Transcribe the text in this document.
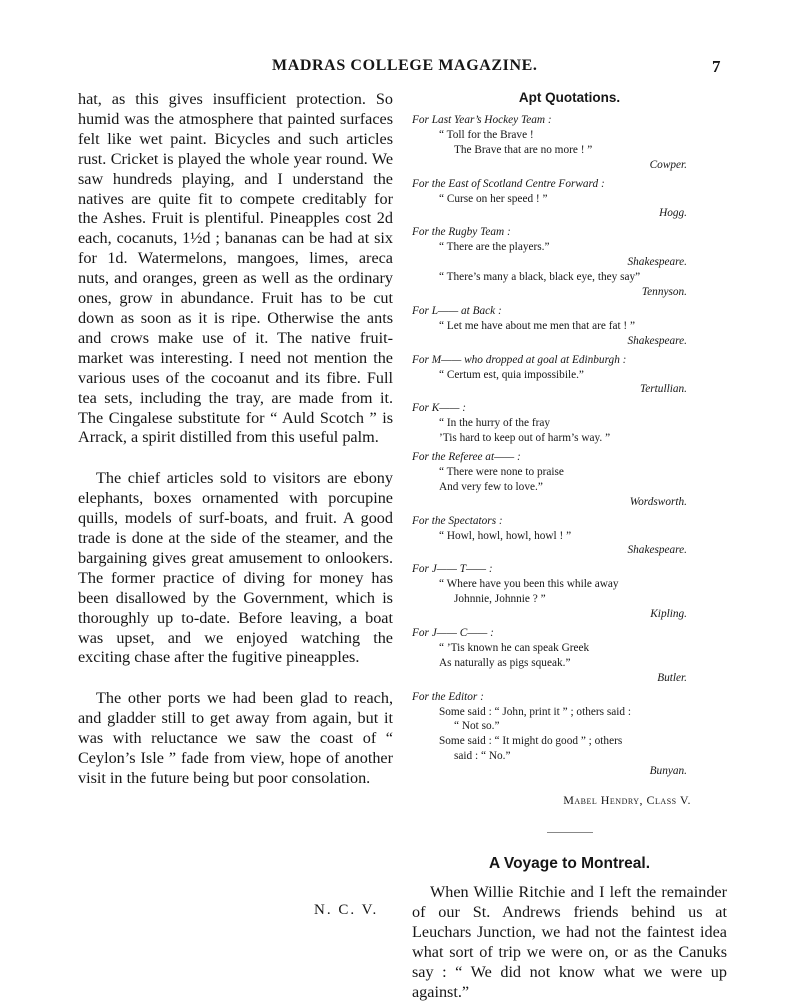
MADRAS COLLEGE MAGAZINE.	7

hat, as this gives insufficient protection. So humid was the atmosphere that painted surfaces felt like wet paint. Bicycles and such articles rust. Cricket is played the whole year round. We saw hundreds playing, and I understand the natives are quite fit to compete creditably for the Ashes. Fruit is plentiful. Pineapples cost 2d each, cocanuts, 1½d ; bananas can be had at six for 1d. Watermelons, mangoes, limes, areca nuts, and oranges, green as well as the ordinary ones, grow in abundance. Fruit has to be cut down as soon as it is ripe. Otherwise the ants and crows make use of it. The native fruit-market was interesting. I need not mention the various uses of the cocoanut and its fibre. Full tea sets, including the tray, are made from it. The Cingalese substitute for “ Auld Scotch ” is Arrack, a spirit distilled from this useful palm.

The chief articles sold to visitors are ebony elephants, boxes ornamented with porcupine quills, models of surf-boats, and fruit. A good trade is done at the side of the steamer, and the bargaining gives great amusement to onlookers. The former practice of diving for money has been disallowed by the Government, which is thoroughly up to-date. Before leaving, a boat was upset, and we enjoyed watching the exciting chase after the fugitive pineapples.

The other ports we had been glad to reach, and gladder still to get away from again, but it was with reluctance we saw the coast of “ Ceylon’s Isle ” fade from view, hope of another visit in the future being but poor consolation.

N. C. V.

Apt Quotations.

For Last Year’s Hockey Team :

“ Toll for the Brave !

The Brave that are no more ! ”

Cowper.

For the East of Scotland Centre Forward :

“ Curse on her speed ! ”

Hogg.

For the Rugby Team :

“ There are the players.”

Shakespeare.

“ There’s many a black, black eye, they say”

Tennyson.

For L—— at Back :

“ Let me have about me men that are fat ! ”

Shakespeare.

For M—— who dropped at goal at Edinburgh :

“ Certum est, quia impossibile.”

Tertullian.

For K—— :

“ In the hurry of the fray

’Tis hard to keep out of harm’s way. ”

For the Referee at—— :

“ There were none to praise

And very few to love.”

Wordsworth.

For the Spectators :

“ Howl, howl, howl, howl ! ”

Shakespeare.

For J—— T—— :

“ Where have you been this while away

Johnnie, Johnnie ? ”

Kipling.

For J—— C—— :

“ ’Tis known he can speak Greek

As naturally as pigs squeak.”

Butler.

For the Editor :

Some said : “ John, print it ” ; others said :

“ Not so.”

Some said : “ It might do good ” ; others

said : “ No.”

Bunyan.

Mabel Hendry, Class V.

A Voyage to Montreal.

When Willie Ritchie and I left the remainder of our St. Andrews friends behind us at Leuchars Junction, we had not the faintest idea what sort of trip we were on, or as the Canuks say : “ We did not know what we were up against.”
